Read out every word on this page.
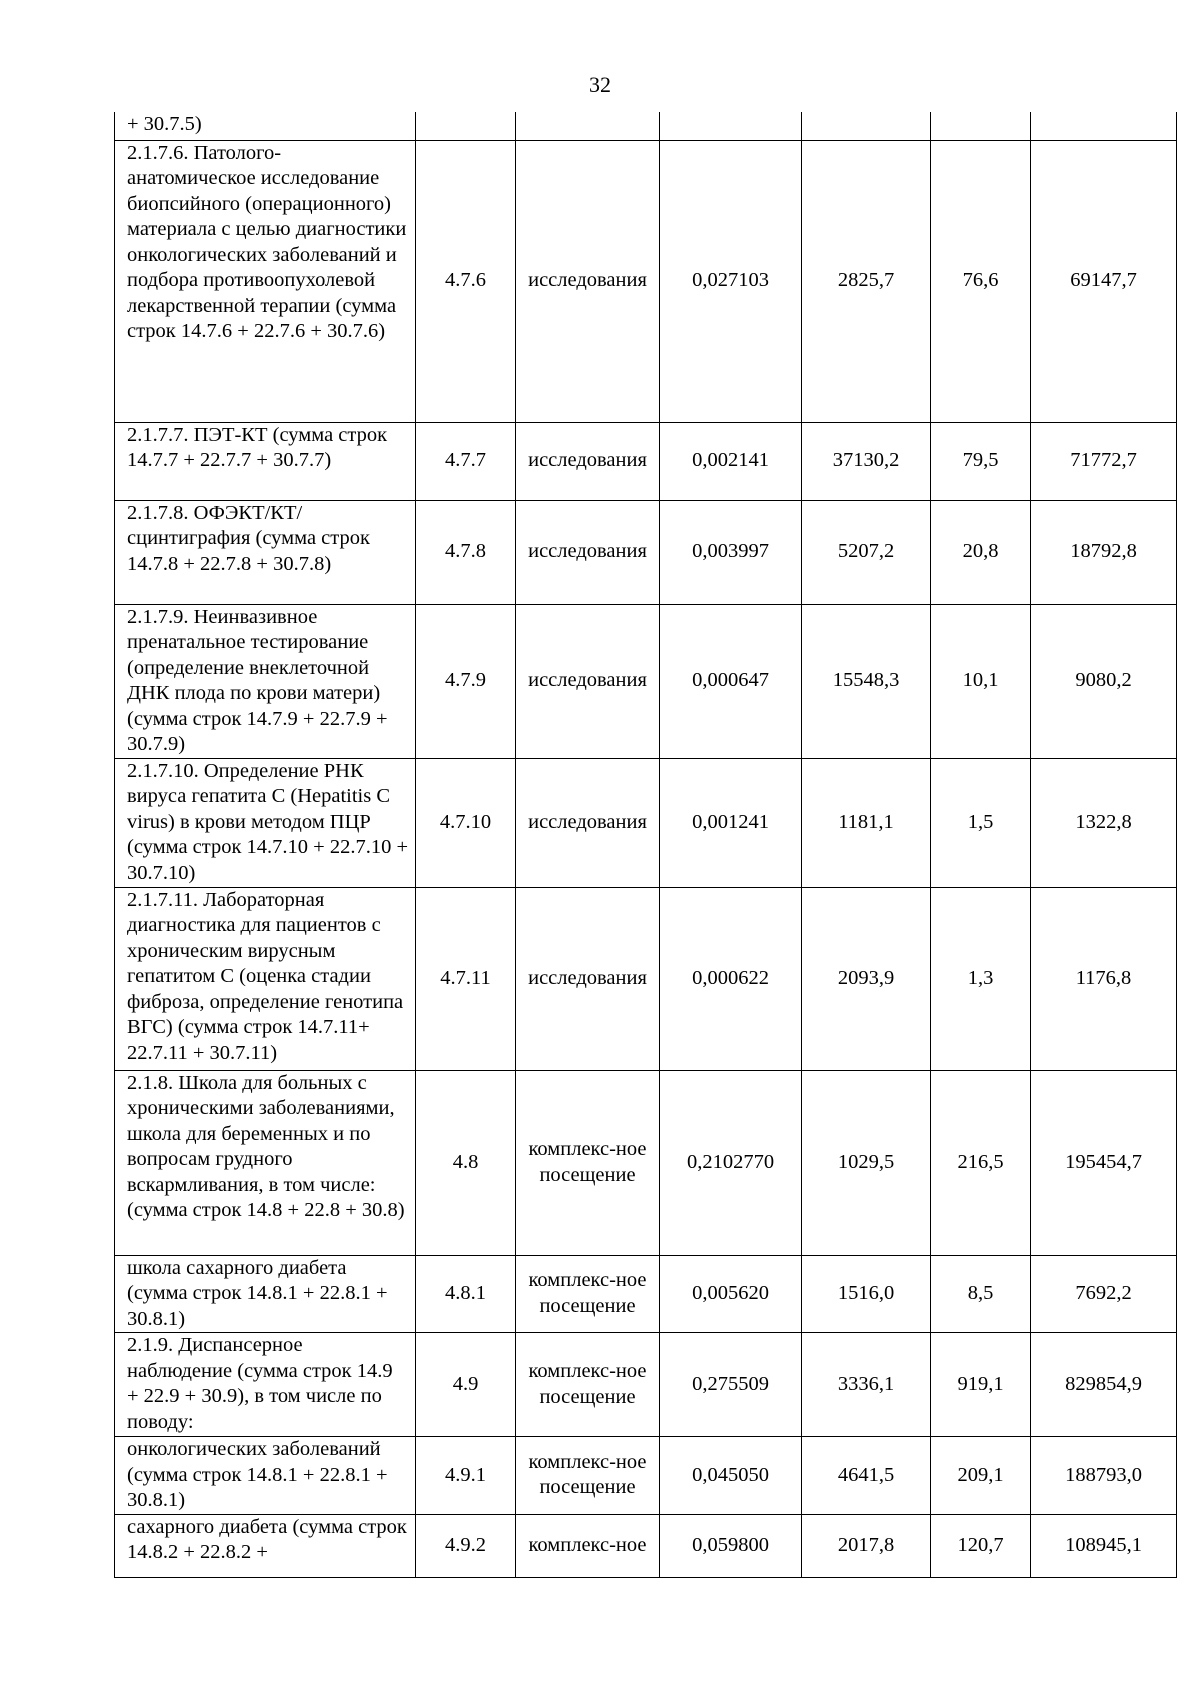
32
+ 30.7.5)						
2.1.7.6. Патолого-анатомическое исследование биопсийного (операционного) материала с целью диагностики онкологических заболеваний и подбора противоопухолевой лекарственной терапии (сумма строк 14.7.6 + 22.7.6 + 30.7.6)	4.7.6	исследования	0,027103	2825,7	76,6	69147,7
2.1.7.7. ПЭТ-КТ (сумма строк 14.7.7 + 22.7.7 + 30.7.7)	4.7.7	исследования	0,002141	37130,2	79,5	71772,7
2.1.7.8. ОФЭКТ/КТ/сцинтиграфия (сумма строк 14.7.8 + 22.7.8 + 30.7.8)	4.7.8	исследования	0,003997	5207,2	20,8	18792,8
2.1.7.9. Неинвазивное пренатальное тестирование (определение внеклеточной ДНК плода по крови матери) (сумма строк 14.7.9 + 22.7.9 + 30.7.9)	4.7.9	исследования	0,000647	15548,3	10,1	9080,2
2.1.7.10. Определение РНК вируса гепатита C (Hepatitis C virus) в крови методом ПЦР (сумма строк 14.7.10 + 22.7.10 + 30.7.10)	4.7.10	исследования	0,001241	1181,1	1,5	1322,8
2.1.7.11. Лабораторная диагностика для пациентов с хроническим вирусным гепатитом C (оценка стадии фиброза, определение генотипа ВГС) (сумма строк 14.7.11+ 22.7.11 + 30.7.11)	4.7.11	исследования	0,000622	2093,9	1,3	1176,8
2.1.8. Школа для больных с хроническими заболеваниями, школа для беременных и по вопросам грудного вскармливания, в том числе: (сумма строк 14.8 + 22.8 + 30.8)	4.8	комплекс-ное посещение	0,2102770	1029,5	216,5	195454,7
школа сахарного диабета (сумма строк 14.8.1 + 22.8.1 + 30.8.1)	4.8.1	комплекс-ное посещение	0,005620	1516,0	8,5	7692,2
2.1.9. Диспансерное наблюдение (сумма строк 14.9 + 22.9 + 30.9), в том числе по поводу:	4.9	комплекс-ное посещение	0,275509	3336,1	919,1	829854,9
онкологических заболеваний (сумма строк 14.8.1 + 22.8.1 + 30.8.1)	4.9.1	комплекс-ное посещение	0,045050	4641,5	209,1	188793,0
сахарного диабета (сумма строк 14.8.2 + 22.8.2 +	4.9.2	комплекс-ное	0,059800	2017,8	120,7	108945,1
